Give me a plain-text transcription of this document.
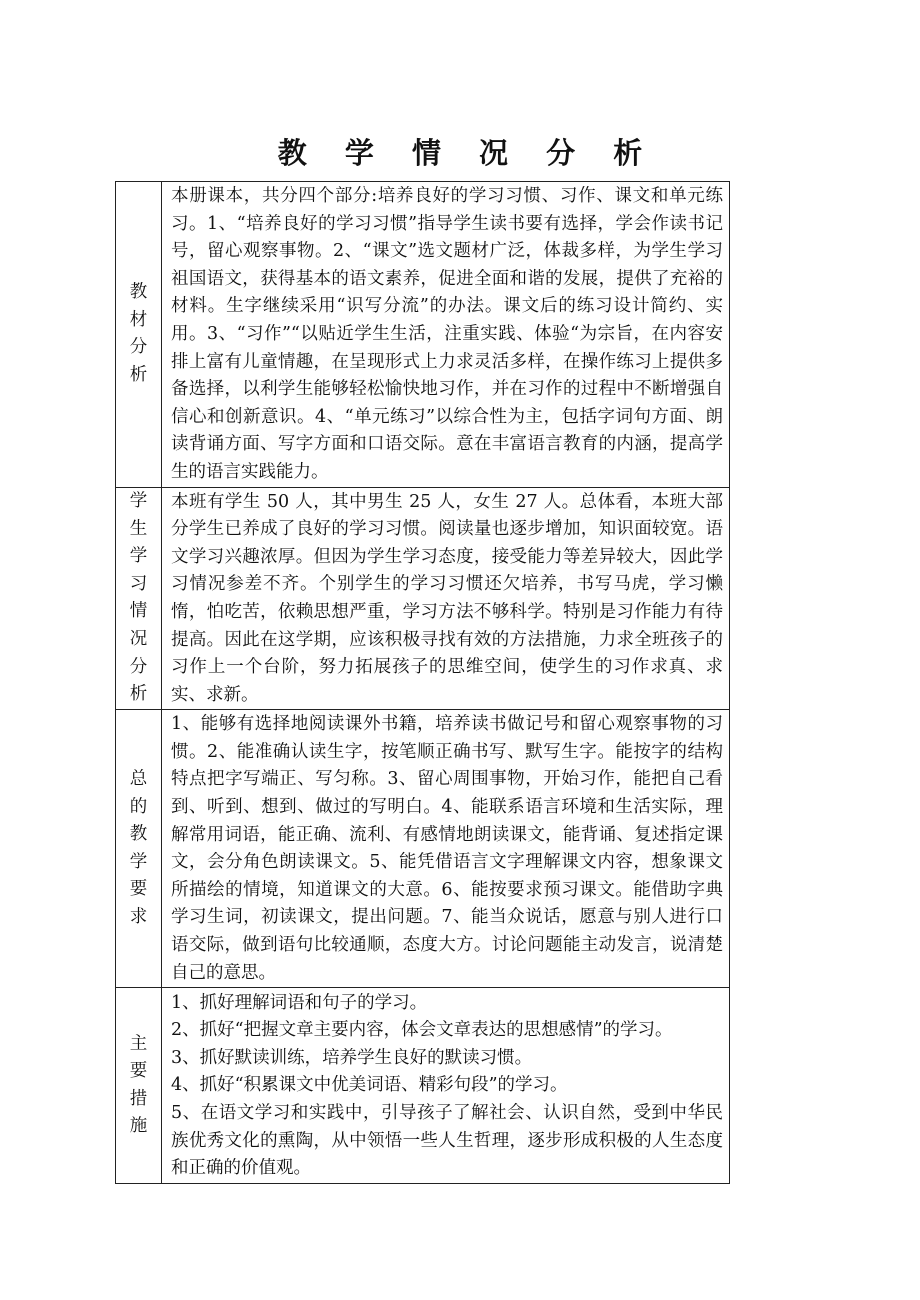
教 学 情 况 分 析
教材分析	本册课本，共分四个部分:培养良好的学习习惯、习作、课文和单元练习。1、“培养良好的学习习惯”指导学生读书要有选择，学会作读书记号，留心观察事物。2、“课文”选文题材广泛，体裁多样，为学生学习祖国语文，获得基本的语文素养，促进全面和谐的发展，提供了充裕的材料。生字继续采用“识写分流”的办法。课文后的练习设计简约、实用。3、“习作”“以贴近学生生活，注重实践、体验“为宗旨，在内容安排上富有儿童情趣，在呈现形式上力求灵活多样，在操作练习上提供多备选择，以利学生能够轻松愉快地习作，并在习作的过程中不断增强自信心和创新意识。4、“单元练习”以综合性为主，包括字词句方面、朗读背诵方面、写字方面和口语交际。意在丰富语言教育的内涵，提高学生的语言实践能力。

学生学习情况分析	本班有学生 50 人，其中男生 25 人，女生 27 人。总体看，本班大部分学生已养成了良好的学习习惯。阅读量也逐步增加，知识面较宽。语文学习兴趣浓厚。但因为学生学习态度，接受能力等差异较大，因此学习情况参差不齐。个别学生的学习习惯还欠培养，书写马虎，学习懒惰，怕吃苦，依赖思想严重，学习方法不够科学。特别是习作能力有待提高。因此在这学期，应该积极寻找有效的方法措施，力求全班孩子的习作上一个台阶，努力拓展孩子的思维空间，使学生的习作求真、求实、求新。

总的教学要求	1、能够有选择地阅读课外书籍，培养读书做记号和留心观察事物的习惯。2、能准确认读生字，按笔顺正确书写、默写生字。能按字的结构特点把字写端正、写匀称。3、留心周围事物，开始习作，能把自己看到、听到、想到、做过的写明白。4、能联系语言环境和生活实际，理解常用词语，能正确、流利、有感情地朗读课文，能背诵、复述指定课文，会分角色朗读课文。5、能凭借语言文字理解课文内容，想象课文所描绘的情境，知道课文的大意。6、能按要求预习课文。能借助字典学习生词，初读课文，提出问题。7、能当众说话，愿意与别人进行口语交际，做到语句比较通顺，态度大方。讨论问题能主动发言，说清楚自己的意思。

主要措施	1、抓好理解词语和句子的学习。
2、抓好“把握文章主要内容，体会文章表达的思想感情”的学习。
3、抓好默读训练，培养学生良好的默读习惯。
4、抓好“积累课文中优美词语、精彩句段”的学习。
5、在语文学习和实践中，引导孩子了解社会、认识自然，受到中华民族优秀文化的熏陶，从中领悟一些人生哲理，逐步形成积极的人生态度和正确的价值观。
